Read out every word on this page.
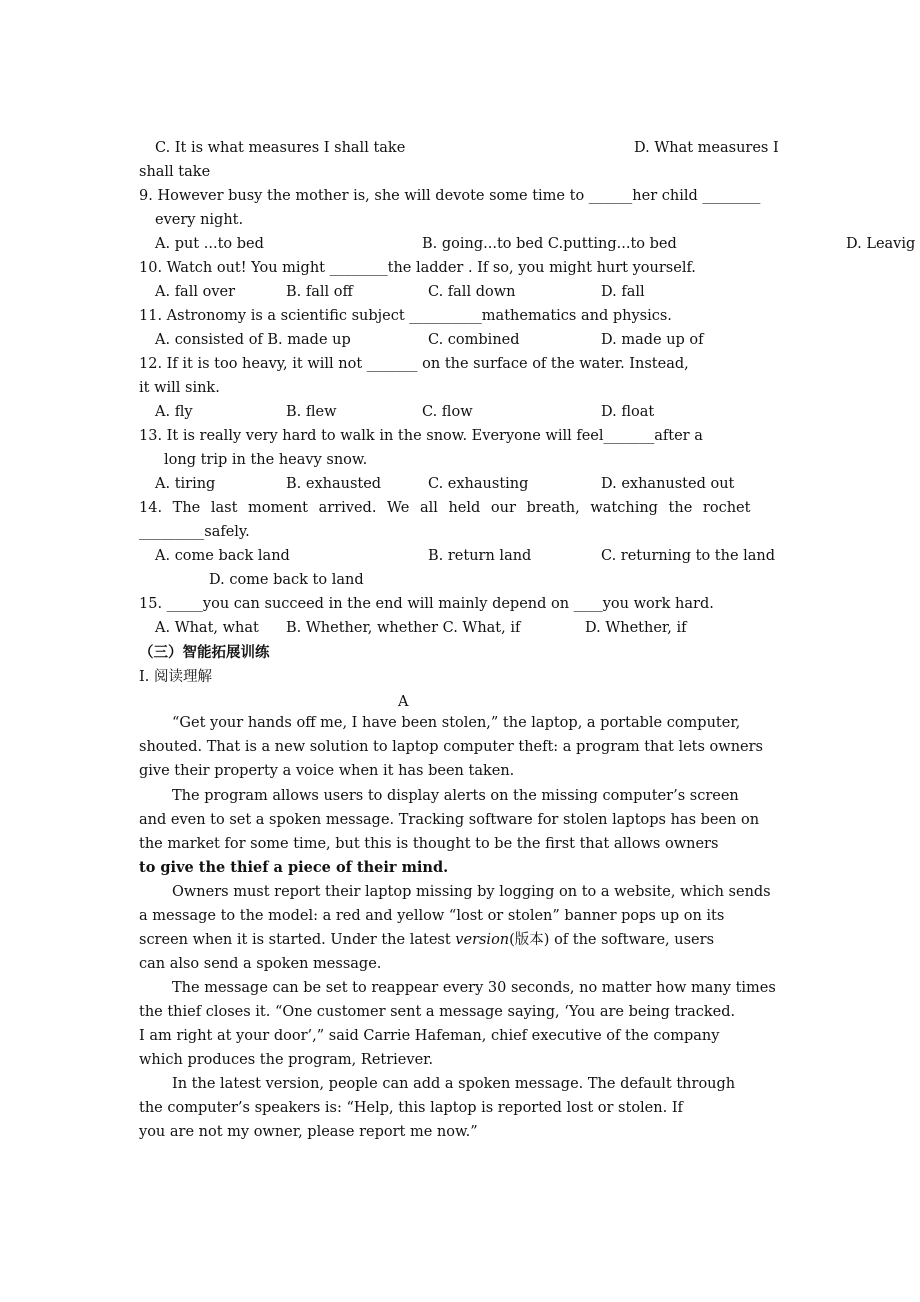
C. It is what measures I shall take	D. What measures I
shall take
9. However busy the mother is, she will devote some time to ______her child ________
every night.
A. put ...to bed	B. going...to bed C.putting...to bed	D. Leavig
10. Watch out! You might ________the ladder . If so, you might hurt yourself.
A. fall over	B. fall off	C. fall down	D. fall
11. Astronomy is a scientific subject __________mathematics and physics.
A. consisted of B. made up	C. combined	D. made up of
12. If it is too heavy, it will not _______ on the surface of the water. Instead,
it will sink.
A. fly	B. flew	C. flow	D. float
13. It is really very hard to walk in the snow. Everyone will feel_______after a
long trip in the heavy snow.
A. tiring	B. exhausted	C. exhausting	D. exhanusted out
14. The last moment arrived. We all held our breath, watching the rochet
_________safely.
A. come back land	B. return land	C. returning to the land
D. come back to land
15. _____you can succeed in the end will mainly depend on ____you work hard.
A. What, what B. Whether, whether C. What, if	D. Whether, if
（三）智能拓展训练
I. 阅读理解
A
“Get your hands off me, I have been stolen,” the laptop, a portable computer,
shouted. That is a new solution to laptop computer theft: a program that lets owners
give their property a voice when it has been taken.
The program allows users to display alerts on the missing computer’s screen
and even to set a spoken message. Tracking software for stolen laptops has been on
the market for some time, but this is thought to be the first that allows owners
to give the thief a piece of their mind.
Owners must report their laptop missing by logging on to a website, which sends
a message to the model: a red and yellow “lost or stolen” banner pops up on its
screen when it is started. Under the latest version(版本) of the software, users
can also send a spoken message.
The message can be set to reappear every 30 seconds, no matter how many times
the thief closes it. “One customer sent a message saying, ‘You are being tracked.
I am right at your door’,” said Carrie Hafeman, chief executive of the company
which produces the program, Retriever.
In the latest version, people can add a spoken message. The default through
the computer’s speakers is: “Help, this laptop is reported lost or stolen. If
you are not my owner, please report me now.”
